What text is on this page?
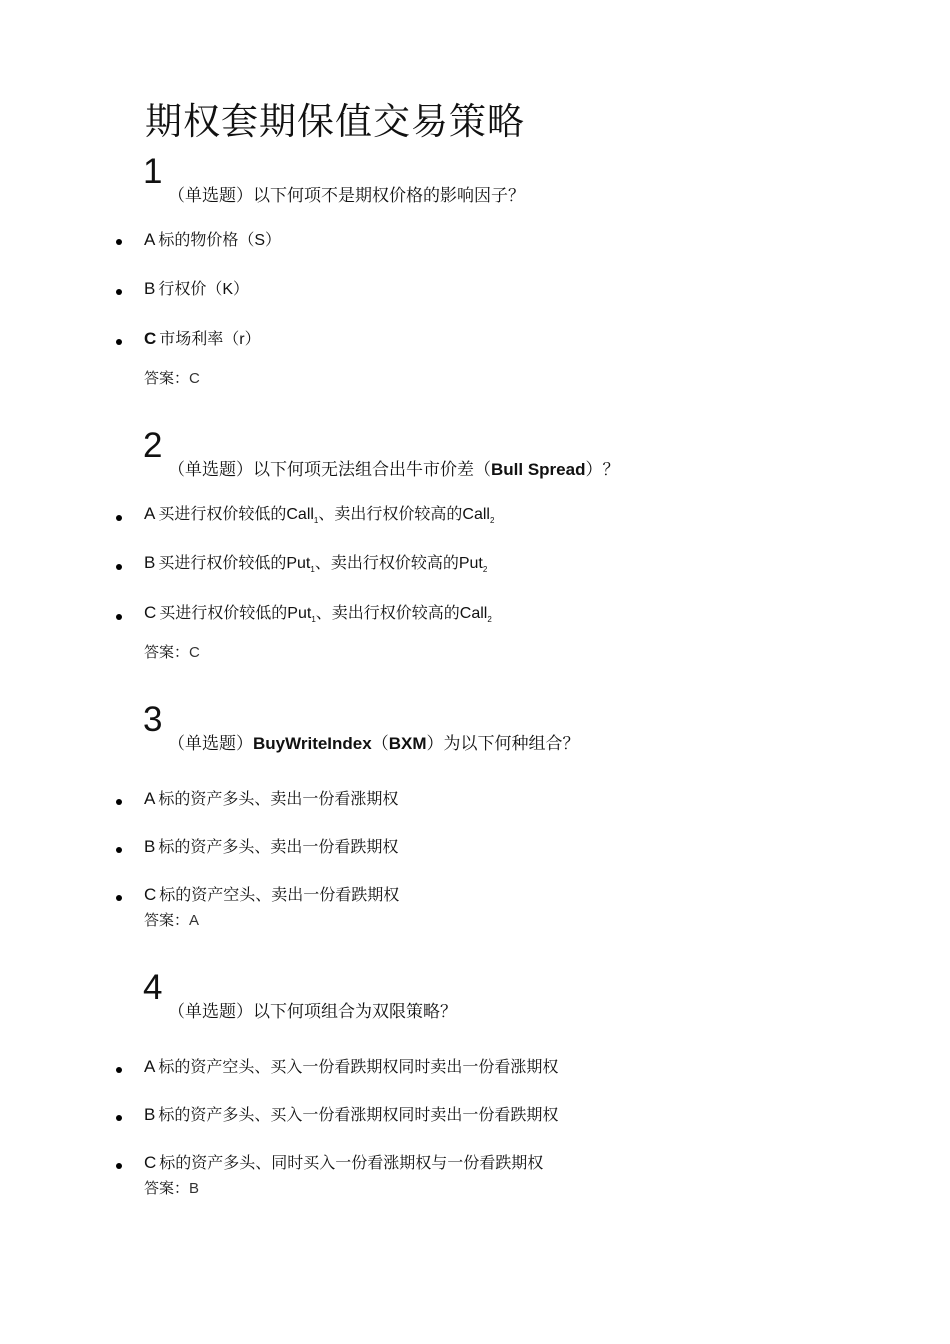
期权套期保值交易策略
1
（单选题）以下何项不是期权价格的影响因子？
A 标的物价格（S）
B 行权价（K）
C 市场利率（r）
答案：C
2
（单选题）以下何项无法组合出牛市价差（Bull Spread）？
A 买进行权价较低的Call$_1$、卖出行权价较高的Call$_2$
B 买进行权价较低的Put$_1$、卖出行权价较高的Put$_2$
C 买进行权价较低的Put$_1$、卖出行权价较高的Call$_2$
答案：C
3
（单选题）BuyWriteIndex（BXM）为以下何种组合？
A 标的资产多头、卖出一份看涨期权
B 标的资产多头、卖出一份看跌期权
C 标的资产空头、卖出一份看跌期权
答案：A
4
（单选题）以下何项组合为双限策略？
A 标的资产空头、买入一份看跌期权同时卖出一份看涨期权
B 标的资产多头、买入一份看涨期权同时卖出一份看跌期权
C 标的资产多头、同时买入一份看涨期权与一份看跌期权
答案：B
